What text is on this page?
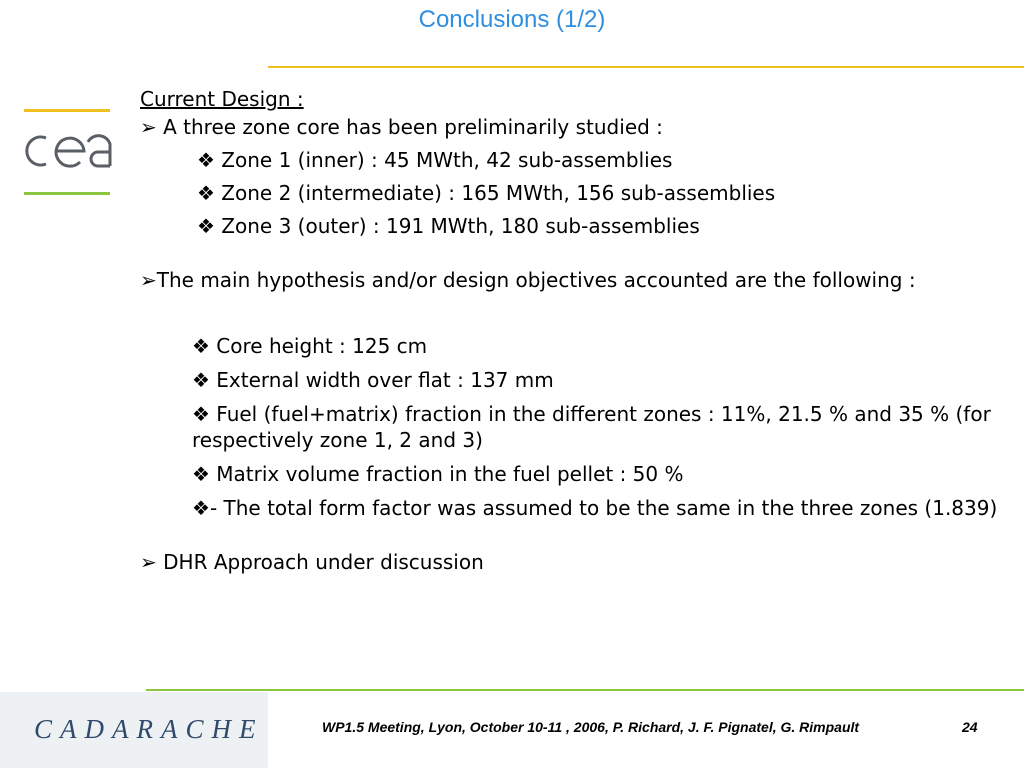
Conclusions (1/2)

Current Design :

➢ A three zone core has been preliminarily studied :

❖ Zone 1 (inner) : 45 MWth, 42 sub-assemblies

❖ Zone 2 (intermediate) : 165 MWth, 156 sub-assemblies

❖ Zone 3 (outer) : 191 MWth, 180 sub-assemblies

➢The main hypothesis and/or design objectives accounted are the following :

❖ Core height : 125 cm

❖ External width over flat : 137 mm

❖ Fuel (fuel+matrix) fraction in the different zones : 11%, 21.5 % and 35 % (for respectively zone 1, 2 and 3)

❖ Matrix volume fraction in the fuel pellet : 50 %

❖- The total form factor was assumed to be the same in the three zones (1.839)

➢ DHR Approach under discussion

CADARACHE	WP1.5 Meeting, Lyon, October 10-11 , 2006, P. Richard, J. F. Pignatel, G. Rimpault	24
